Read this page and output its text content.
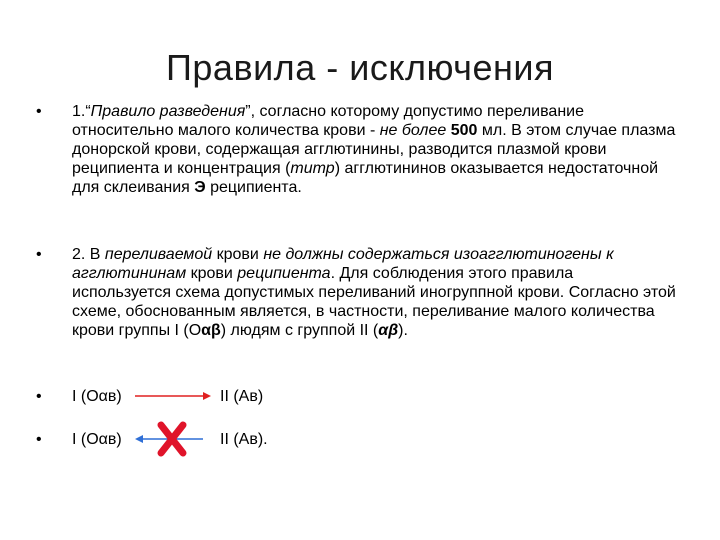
Правила - исключения
• 1.“Правило разведения”, согласно которому допустимо переливание относительно малого количества крови - не более 500 мл. В этом случае плазма донорской крови, содержащая агглютинины, разводится плазмой крови реципиента и концентрация (титр) агглютининов оказывается недостаточной для склеивания Э реципиента.
• 2. В переливаемой крови не должны содержаться изоагглютиногены к агглютининам крови реципиента. Для соблюдения этого правила используется схема допустимых переливаний иногруппной крови. Согласно этой схеме, обоснованным является, в частности, переливание малого количества крови группы I (Оαβ) людям с группой II (αβ).
• I (Оαв)	II (Ав)
• I (Оαв)	II (Ав).
